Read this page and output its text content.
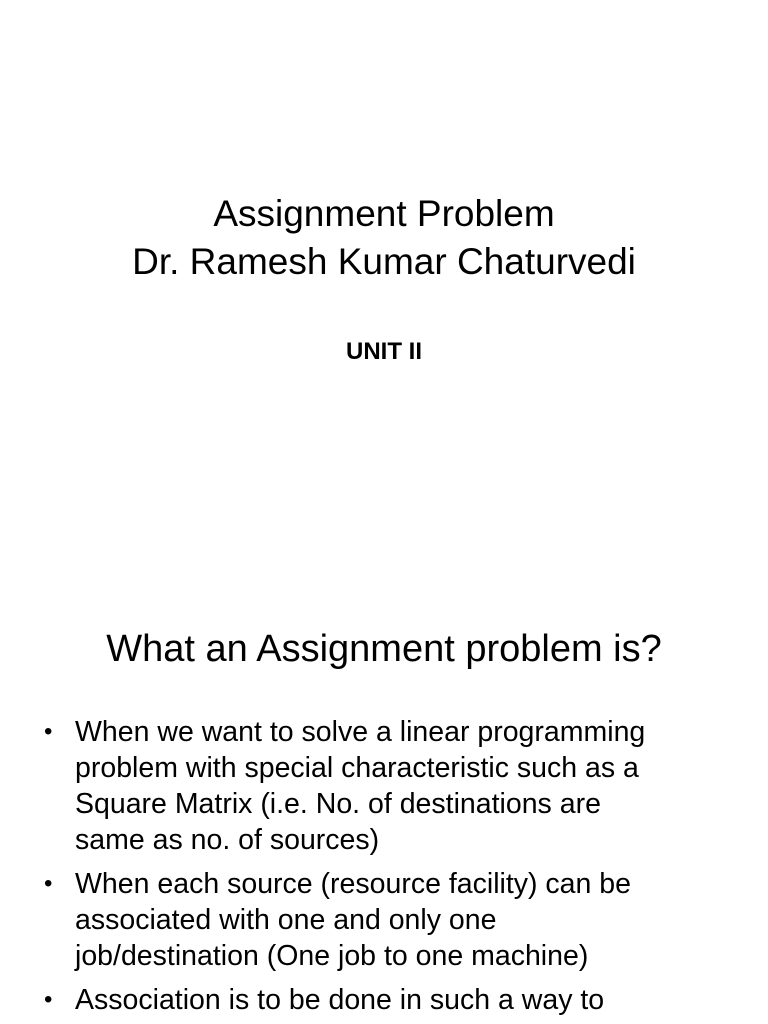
Assignment Problem
Dr. Ramesh Kumar Chaturvedi
UNIT II
What an Assignment problem is?
• When we want to solve a linear programming
problem with special characteristic such as a
Square Matrix (i.e. No. of destinations are
same as no. of sources)
• When each source (resource facility) can be
associated with one and only one
job/destination (One job to one machine)
• Association is to be done in such a way to
